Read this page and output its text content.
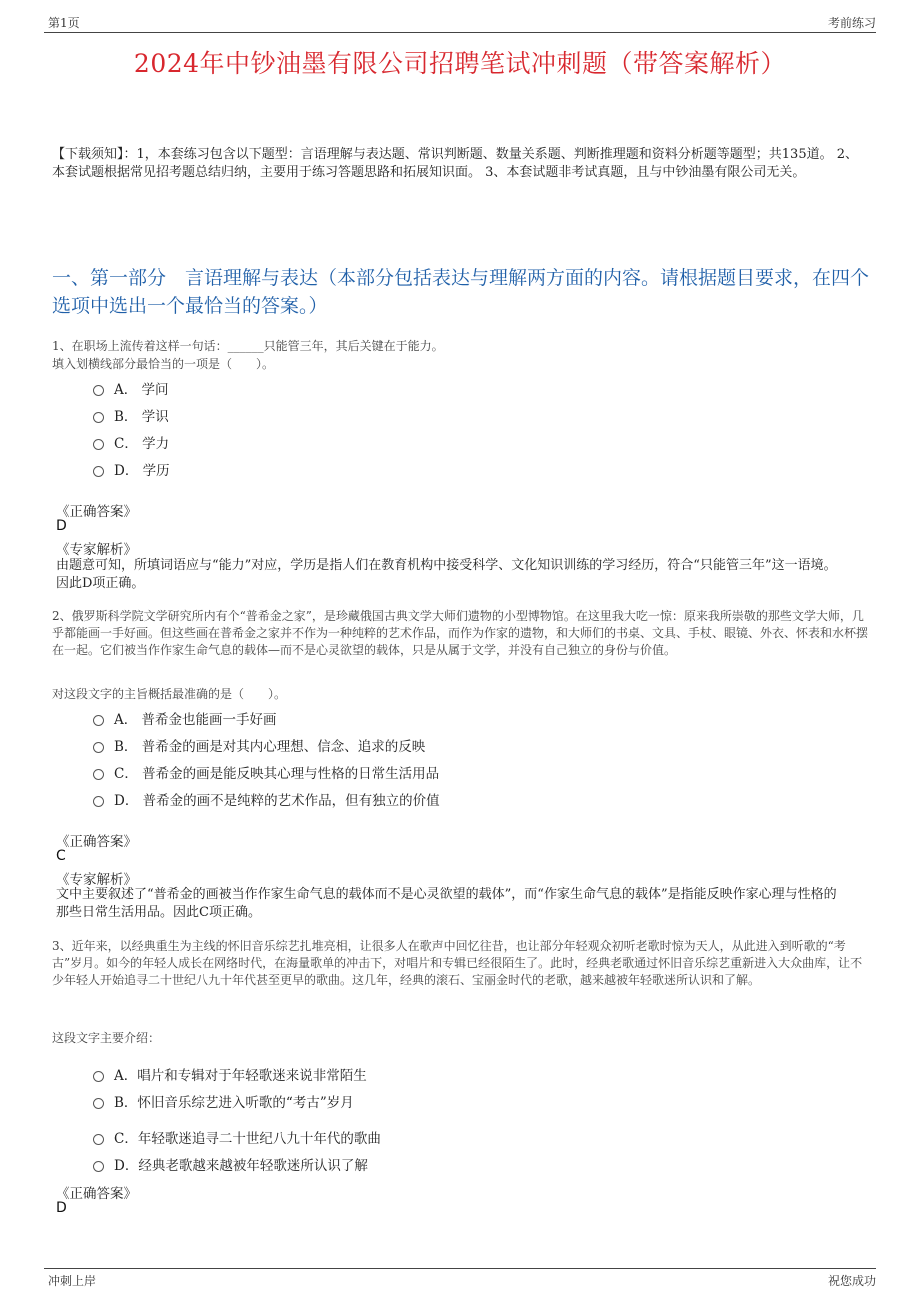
第1页	考前练习
2024年中钞油墨有限公司招聘笔试冲刺题（带答案解析）
【下载须知】：1，本套练习包含以下题型：言语理解与表达题、常识判断题、数量关系题、判断推理题和资料分析题等题型；共135道。 2、本套试题根据常见招考题总结归纳，主要用于练习答题思路和拓展知识面。 3、本套试题非考试真题，且与中钞油墨有限公司无关。
一、第一部分　言语理解与表达（本部分包括表达与理解两方面的内容。请根据题目要求，在四个选项中选出一个最恰当的答案。）
1、在职场上流传着这样一句话：______只能管三年，其后关键在于能力。
填入划横线部分最恰当的一项是（　　）。
A． 学问
B． 学识
C． 学力
D． 学历
《正确答案》
D
《专家解析》
由题意可知，所填词语应与“能力”对应，学历是指人们在教育机构中接受科学、文化知识训练的学习经历，符合“只能管三年”这一语境。因此D项正确。
2、俄罗斯科学院文学研究所内有个“普希金之家”，是珍藏俄国古典文学大师们遗物的小型博物馆。在这里我大吃一惊：原来我所崇敬的那些文学大师，几乎都能画一手好画。但这些画在普希金之家并不作为一种纯粹的艺术作品，而作为作家的遗物，和大师们的书桌、文具、手杖、眼镜、外衣、怀表和水杯摆在一起。它们被当作作家生命气息的载体—而不是心灵欲望的载体，只是从属于文学，并没有自己独立的身份与价值。
对这段文字的主旨概括最准确的是（　　）。
A． 普希金也能画一手好画
B． 普希金的画是对其内心理想、信念、追求的反映
C． 普希金的画是能反映其心理与性格的日常生活用品
D． 普希金的画不是纯粹的艺术作品，但有独立的价值
《正确答案》
C
《专家解析》
文中主要叙述了“普希金的画被当作作家生命气息的载体而不是心灵欲望的载体”，而“作家生命气息的载体”是指能反映作家心理与性格的那些日常生活用品。因此C项正确。
3、近年来，以经典重生为主线的怀旧音乐综艺扎堆亮相，让很多人在歌声中回忆往昔，也让部分年轻观众初听老歌时惊为天人，从此进入到听歌的“考古”岁月。如今的年轻人成长在网络时代，在海量歌单的冲击下，对唱片和专辑已经很陌生了。此时，经典老歌通过怀旧音乐综艺重新进入大众曲库，让不少年轻人开始追寻二十世纪八九十年代甚至更早的歌曲。这几年，经典的滚石、宝丽金时代的老歌，越来越被年轻歌迷所认识和了解。
这段文字主要介绍：
A．唱片和专辑对于年轻歌迷来说非常陌生
B．怀旧音乐综艺进入听歌的“考古”岁月
C．年轻歌迷追寻二十世纪八九十年代的歌曲
D．经典老歌越来越被年轻歌迷所认识了解
《正确答案》
D
冲刺上岸	祝您成功
